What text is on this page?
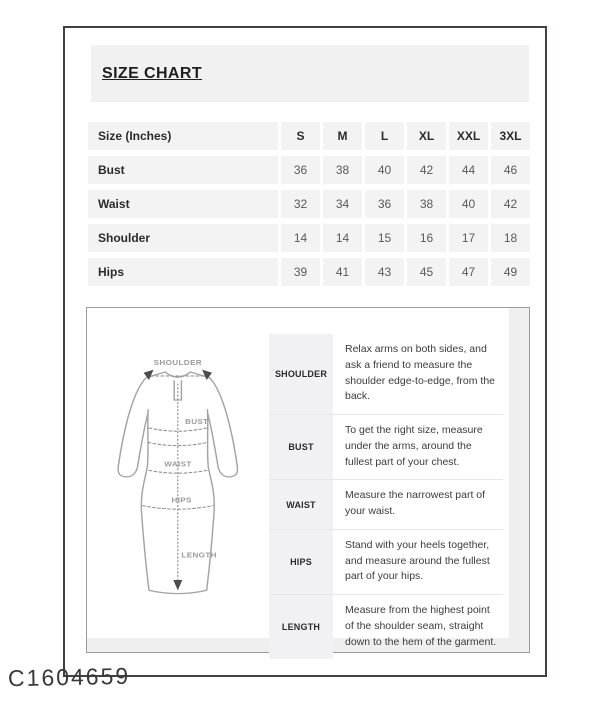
SIZE CHART
Size (Inches)	S	M	L	XL	XXL	3XL
Bust	36	38	40	42	44	46
Waist	32	34	36	38	40	42
Shoulder	14	14	15	16	17	18
Hips	39	41	43	45	47	49
SHOULDER
BUST
WAIST
HIPS
LENGTH
SHOULDER
Relax arms on both sides, and ask a friend to measure the shoulder edge-to-edge, from the back.
BUST
To get the right size, measure under the arms, around the fullest part of your chest.
WAIST
Measure the narrowest part of your waist.
HIPS
Stand with your heels together, and measure around the fullest part of your hips.
LENGTH
Measure from the highest point of the shoulder seam, straight down to the hem of the garment.
C1604659
